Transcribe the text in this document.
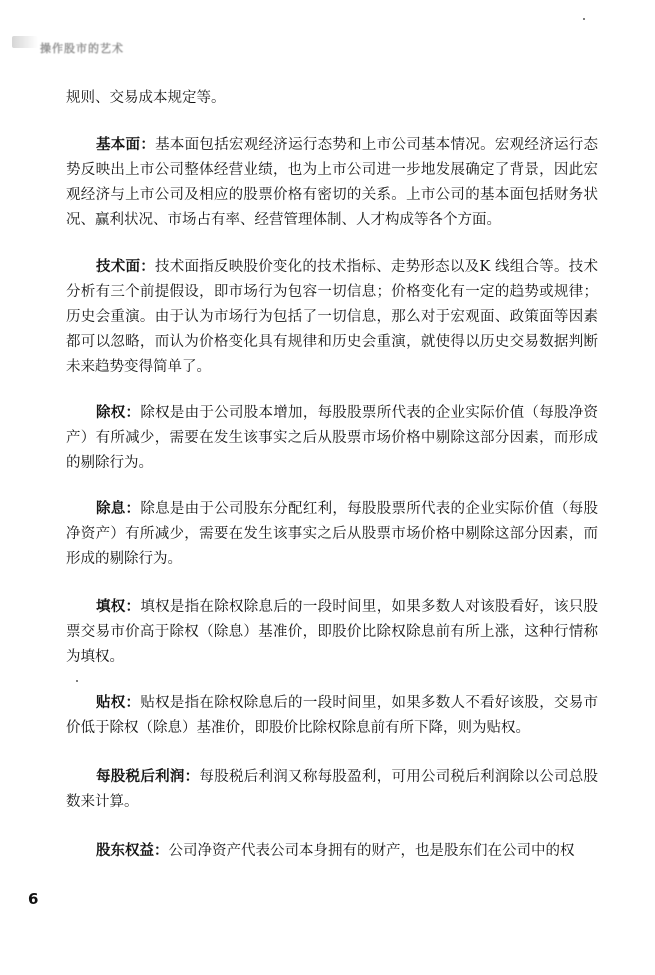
操作股市的艺术
规则、交易成本规定等。
基本面：基本面包括宏观经济运行态势和上市公司基本情况。宏观经济运行态势反映出上市公司整体经营业绩，也为上市公司进一步地发展确定了背景，因此宏观经济与上市公司及相应的股票价格有密切的关系。上市公司的基本面包括财务状况、赢利状况、市场占有率、经营管理体制、人才构成等各个方面。
技术面：技术面指反映股价变化的技术指标、走势形态以及K 线组合等。技术分析有三个前提假设，即市场行为包容一切信息；价格变化有一定的趋势或规律；历史会重演。由于认为市场行为包括了一切信息，那么对于宏观面、政策面等因素都可以忽略，而认为价格变化具有规律和历史会重演，就使得以历史交易数据判断未来趋势变得简单了。
除权：除权是由于公司股本增加，每股股票所代表的企业实际价值（每股净资产）有所减少，需要在发生该事实之后从股票市场价格中剔除这部分因素，而形成的剔除行为。
除息：除息是由于公司股东分配红利，每股股票所代表的企业实际价值（每股净资产）有所减少，需要在发生该事实之后从股票市场价格中剔除这部分因素，而形成的剔除行为。
填权：填权是指在除权除息后的一段时间里，如果多数人对该股看好，该只股票交易市价高于除权（除息）基准价，即股价比除权除息前有所上涨，这种行情称为填权。
贴权：贴权是指在除权除息后的一段时间里，如果多数人不看好该股，交易市价低于除权（除息）基准价，即股价比除权除息前有所下降，则为贴权。
每股税后利润：每股税后利润又称每股盈利，可用公司税后利润除以公司总股数来计算。
股东权益：公司净资产代表公司本身拥有的财产，也是股东们在公司中的权
6
